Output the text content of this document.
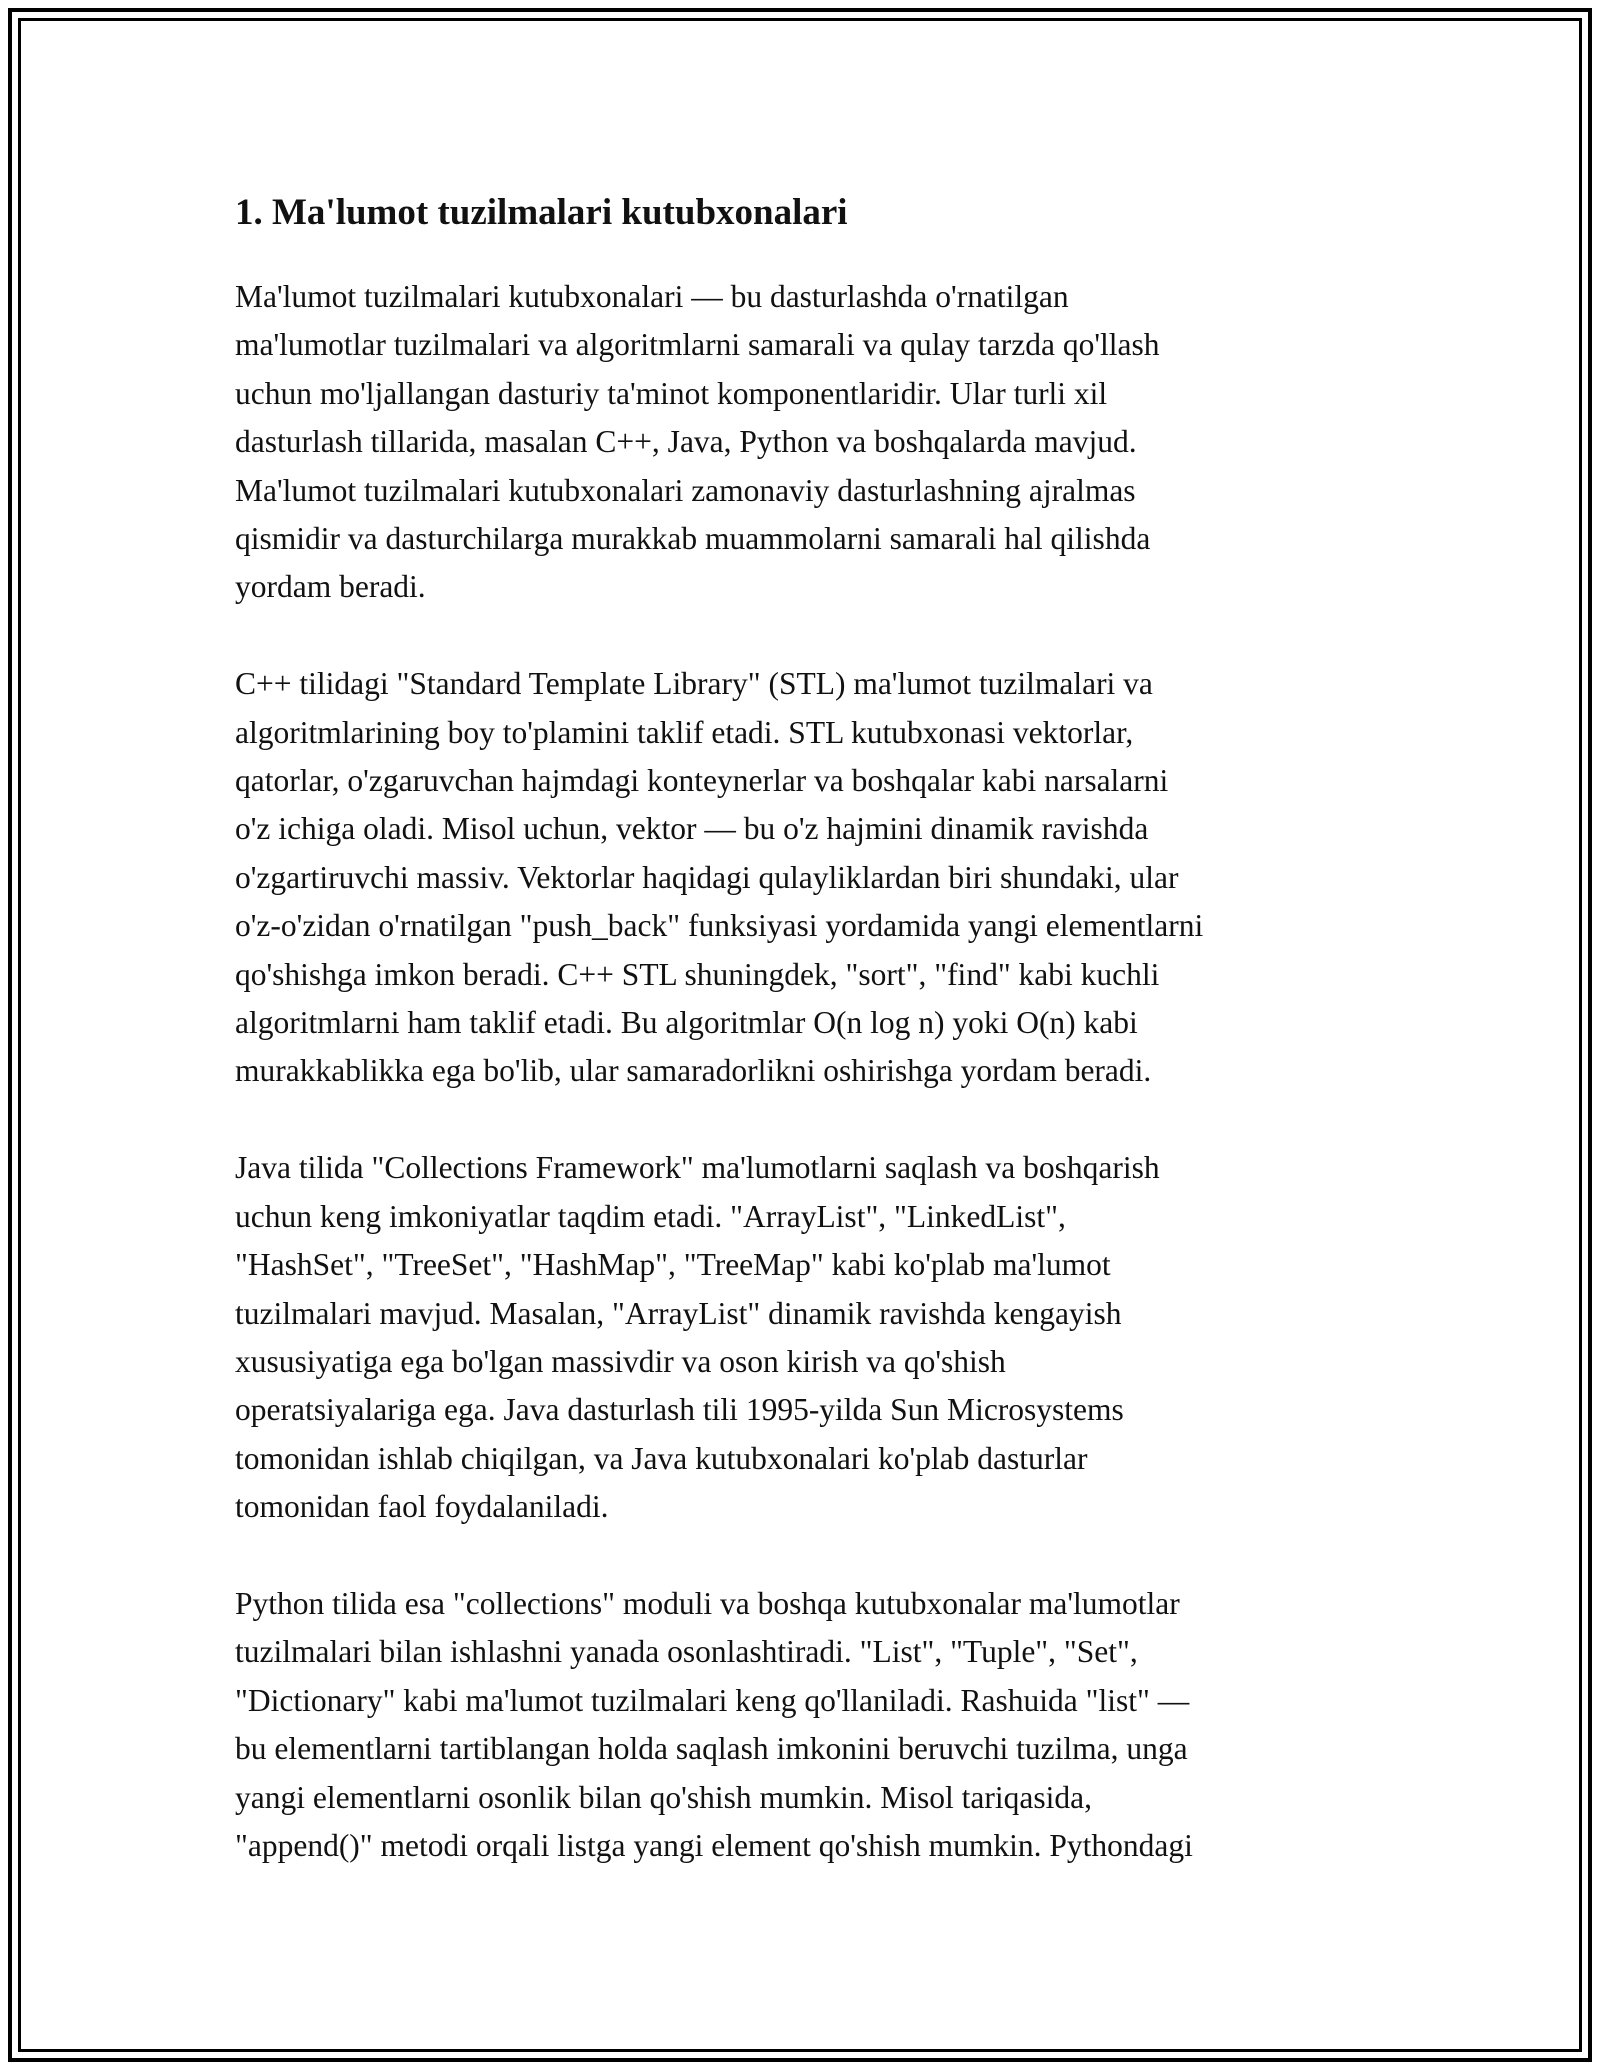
1. Ma'lumot tuzilmalari kutubxonalari

Ma'lumot tuzilmalari kutubxonalari — bu dasturlashda o'rnatilgan
ma'lumotlar tuzilmalari va algoritmlarni samarali va qulay tarzda qo'llash
uchun mo'ljallangan dasturiy ta'minot komponentlaridir. Ular turli xil
dasturlash tillarida, masalan C++, Java, Python va boshqalarda mavjud.
Ma'lumot tuzilmalari kutubxonalari zamonaviy dasturlashning ajralmas
qismidir va dasturchilarga murakkab muammolarni samarali hal qilishda
yordam beradi.

C++ tilidagi "Standard Template Library" (STL) ma'lumot tuzilmalari va
algoritmlarining boy to'plamini taklif etadi. STL kutubxonasi vektorlar,
qatorlar, o'zgaruvchan hajmdagi konteynerlar va boshqalar kabi narsalarni
o'z ichiga oladi. Misol uchun, vektor — bu o'z hajmini dinamik ravishda
o'zgartiruvchi massiv. Vektorlar haqidagi qulayliklardan biri shundaki, ular
o'z-o'zidan o'rnatilgan "push_back" funksiyasi yordamida yangi elementlarni
qo'shishga imkon beradi. C++ STL shuningdek, "sort", "find" kabi kuchli
algoritmlarni ham taklif etadi. Bu algoritmlar O(n log n) yoki O(n) kabi
murakkablikka ega bo'lib, ular samaradorlikni oshirishga yordam beradi.

Java tilida "Collections Framework" ma'lumotlarni saqlash va boshqarish
uchun keng imkoniyatlar taqdim etadi. "ArrayList", "LinkedList",
"HashSet", "TreeSet", "HashMap", "TreeMap" kabi ko'plab ma'lumot
tuzilmalari mavjud. Masalan, "ArrayList" dinamik ravishda kengayish
xususiyatiga ega bo'lgan massivdir va oson kirish va qo'shish
operatsiyalariga ega. Java dasturlash tili 1995-yilda Sun Microsystems
tomonidan ishlab chiqilgan, va Java kutubxonalari ko'plab dasturlar
tomonidan faol foydalaniladi.

Python tilida esa "collections" moduli va boshqa kutubxonalar ma'lumotlar
tuzilmalari bilan ishlashni yanada osonlashtiradi. "List", "Tuple", "Set",
"Dictionary" kabi ma'lumot tuzilmalari keng qo'llaniladi. Rashuida "list" —
bu elementlarni tartiblangan holda saqlash imkonini beruvchi tuzilma, unga
yangi elementlarni osonlik bilan qo'shish mumkin. Misol tariqasida,
"append()" metodi orqali listga yangi element qo'shish mumkin. Pythondagi
